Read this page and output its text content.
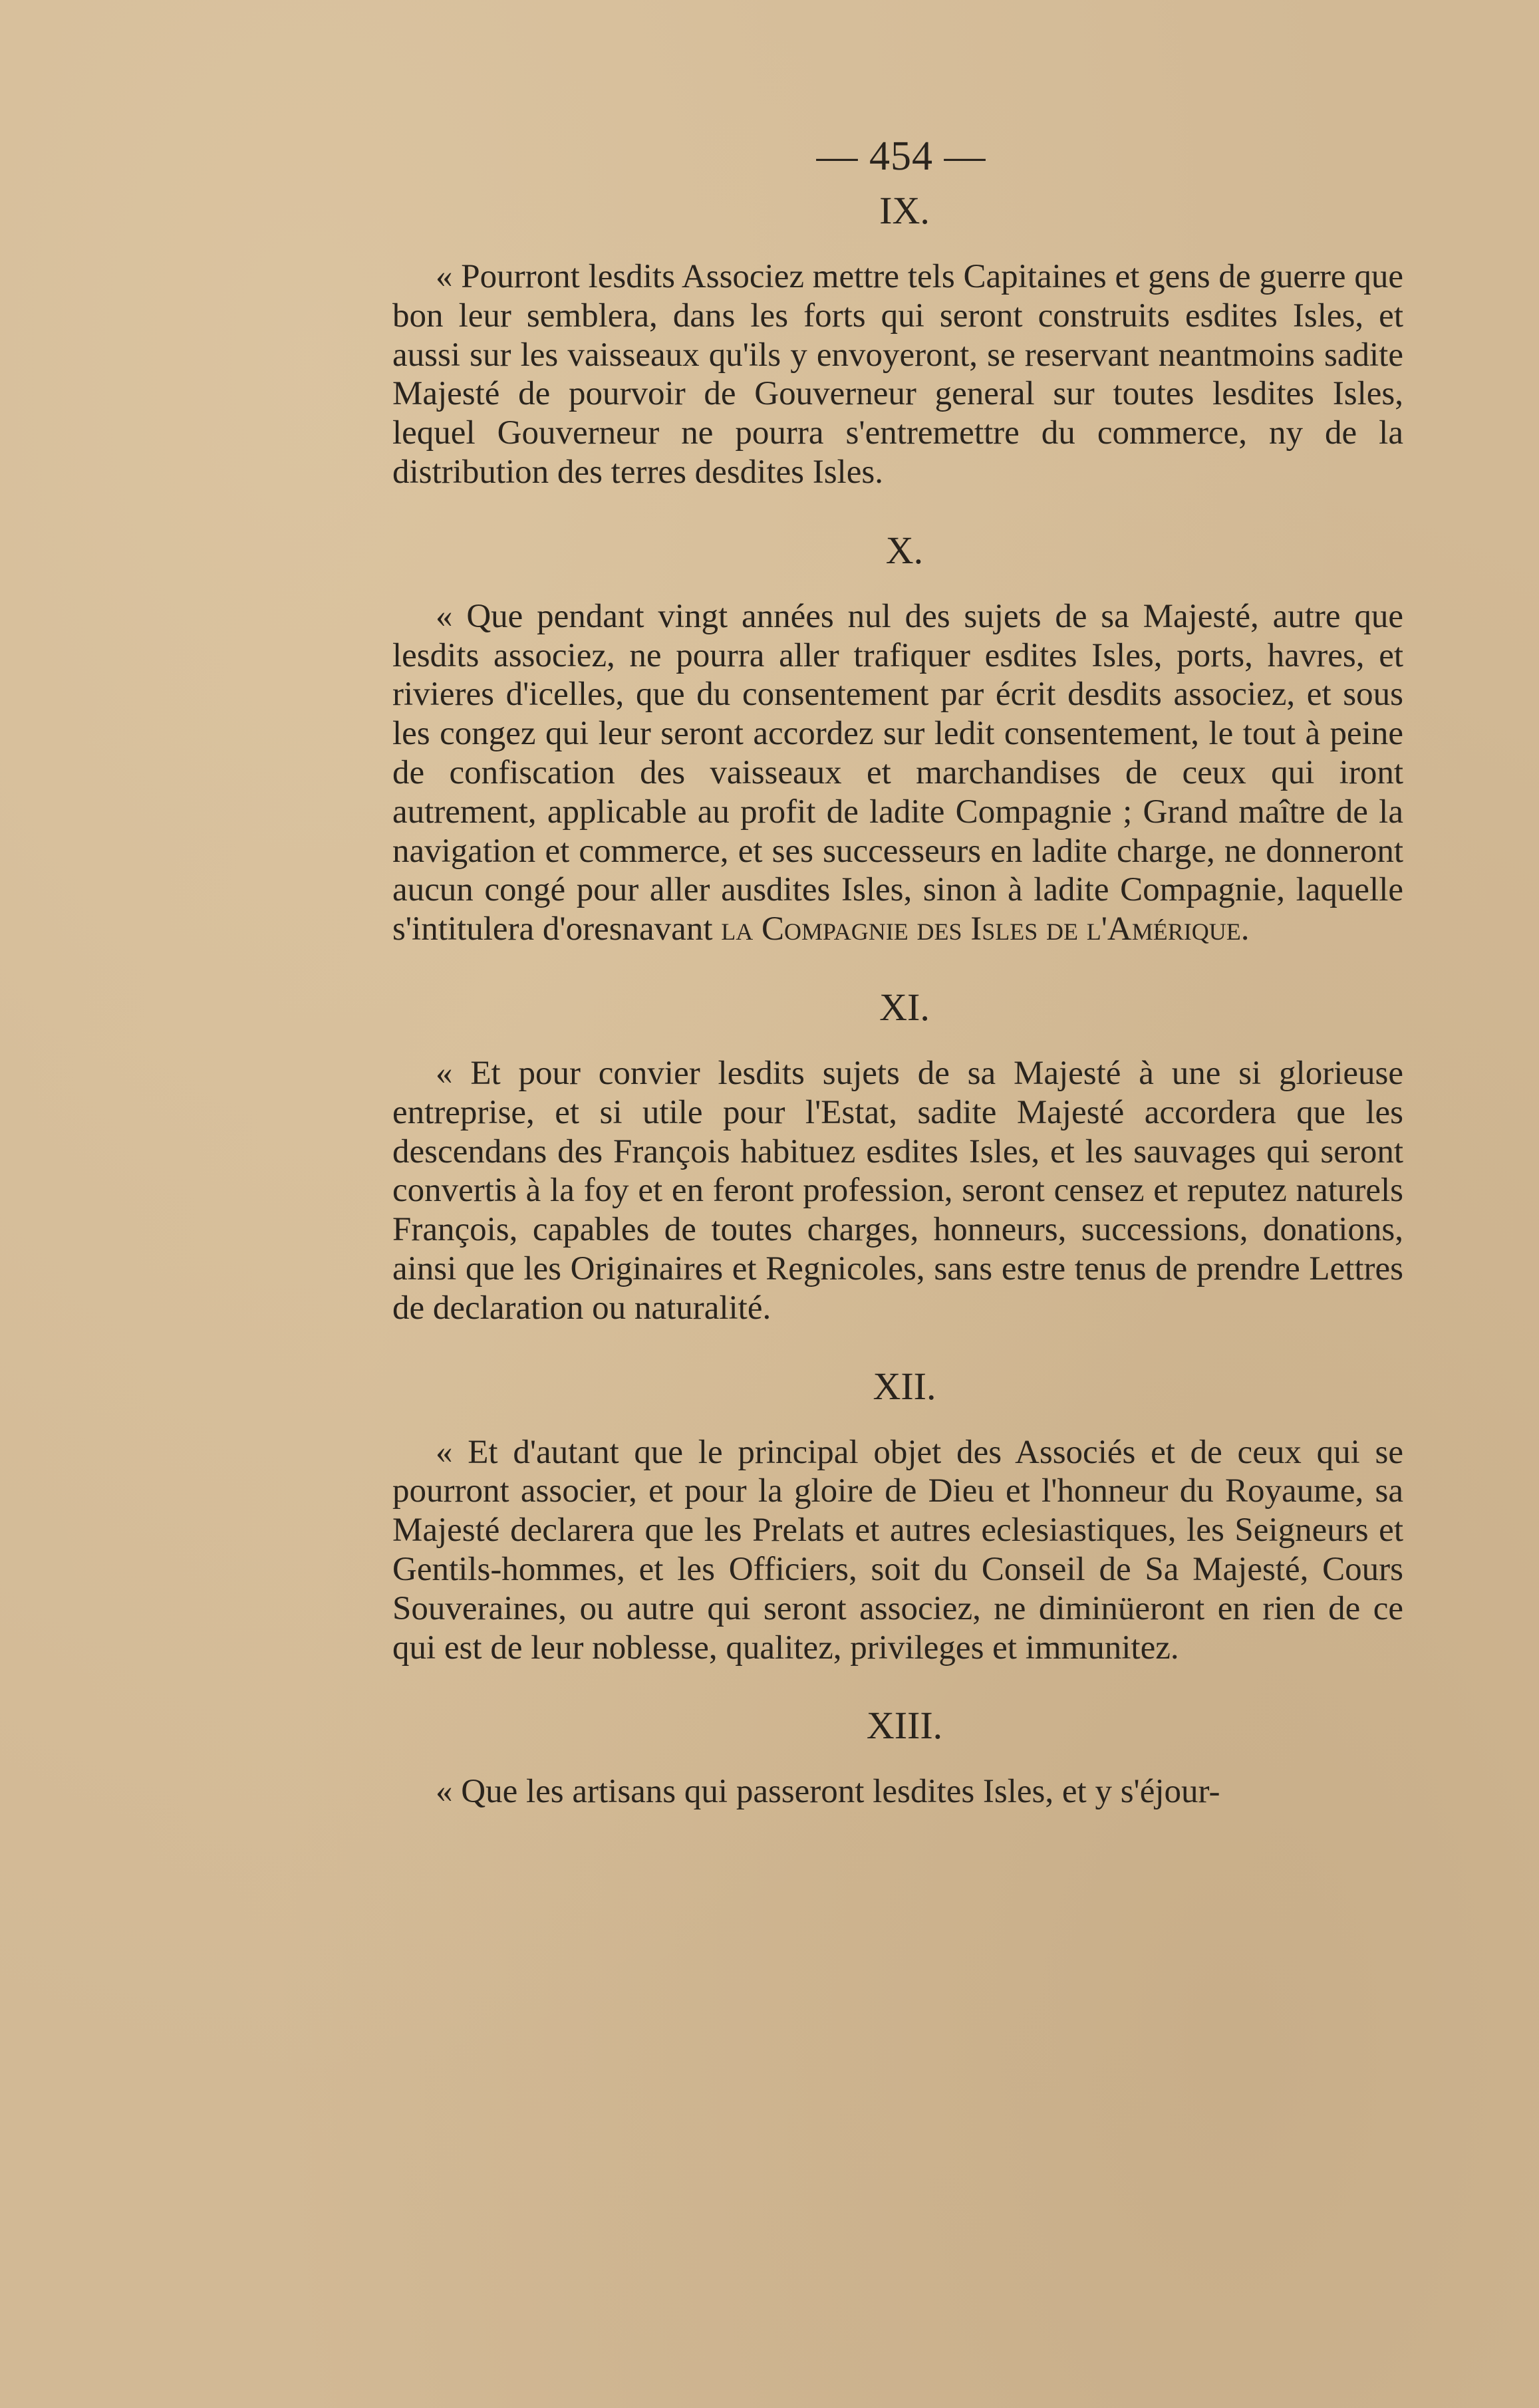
— 454 —
IX.

« Pourront lesdits Associez mettre tels Capitaines et gens de guerre que bon leur semblera, dans les forts qui seront construits esdites Isles, et aussi sur les vaisseaux qu'ils y envoyeront, se reservant neantmoins sadite Majesté de pourvoir de Gouverneur general sur toutes lesdites Isles, lequel Gouverneur ne pourra s'entremettre du commerce, ny de la distribution des terres desdites Isles.

X.

« Que pendant vingt années nul des sujets de sa Majesté, autre que lesdits associez, ne pourra aller trafiquer esdites Isles, ports, havres, et rivieres d'icelles, que du consentement par écrit desdits associez, et sous les congez qui leur seront accordez sur ledit consentement, le tout à peine de confiscation des vaisseaux et marchandises de ceux qui iront autrement, applicable au profit de ladite Compagnie ; Grand maître de la navigation et commerce, et ses successeurs en ladite charge, ne donneront aucun congé pour aller ausdites Isles, sinon à ladite Compagnie, laquelle s'intitulera d'oresnavant la Compagnie des Isles de l'Amérique.

XI.

« Et pour convier lesdits sujets de sa Majesté à une si glorieuse entreprise, et si utile pour l'Estat, sadite Majesté accordera que les descendans des François habituez esdites Isles, et les sauvages qui seront convertis à la foy et en feront profession, seront censez et reputez naturels François, capables de toutes charges, honneurs, successions, donations, ainsi que les Originaires et Regnicoles, sans estre tenus de prendre Lettres de declaration ou naturalité.

XII.

« Et d'autant que le principal objet des Associés et de ceux qui se pourront associer, et pour la gloire de Dieu et l'honneur du Royaume, sa Majesté declarera que les Prelats et autres eclesiastiques, les Seigneurs et Gentils-hommes, et les Officiers, soit du Conseil de Sa Majesté, Cours Souveraines, ou autre qui seront associez, ne diminüeront en rien de ce qui est de leur noblesse, qualitez, privileges et immunitez.

XIII.

« Que les artisans qui passeront lesdites Isles, et y s'éjour-
